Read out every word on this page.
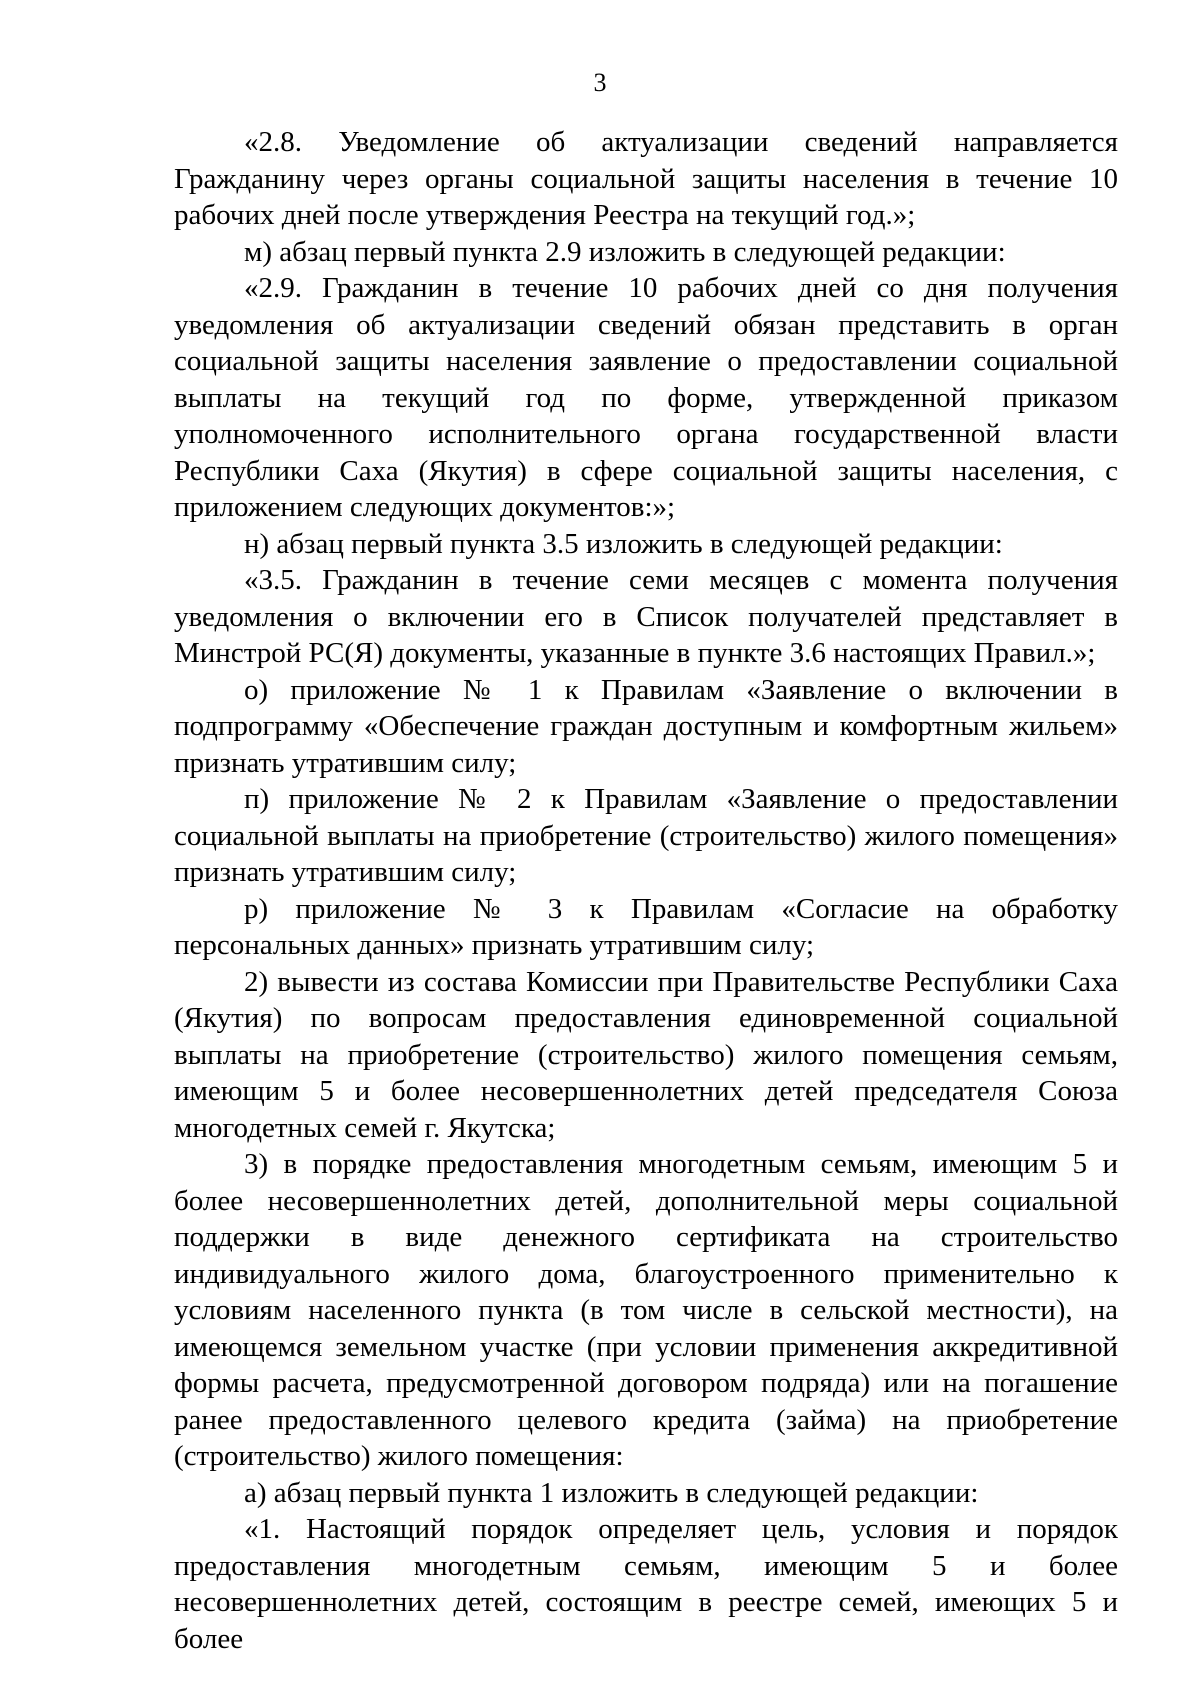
3

«2.8. Уведомление об актуализации сведений направляется Гражданину через органы социальной защиты населения в течение 10 рабочих дней после утверждения Реестра на текущий год.»;

м) абзац первый пункта 2.9 изложить в следующей редакции:

«2.9. Гражданин в течение 10 рабочих дней со дня получения уведомления об актуализации сведений обязан представить в орган социальной защиты населения заявление о предоставлении социальной выплаты на текущий год по форме, утвержденной приказом уполномоченного исполнительного органа государственной власти Республики Саха (Якутия) в сфере социальной защиты населения, с приложением следующих документов:»;

н) абзац первый пункта 3.5 изложить в следующей редакции:

«3.5. Гражданин в течение семи месяцев с момента получения уведомления о включении его в Список получателей представляет в Минстрой РС(Я) документы, указанные в пункте 3.6 настоящих Правил.»;

о) приложение № 1 к Правилам «Заявление о включении в подпрограмму «Обеспечение граждан доступным и комфортным жильем» признать утратившим силу;

п) приложение № 2 к Правилам «Заявление о предоставлении социальной выплаты на приобретение (строительство) жилого помещения» признать утратившим силу;

р) приложение № 3 к Правилам «Согласие на обработку персональных данных» признать утратившим силу;

2) вывести из состава Комиссии при Правительстве Республики Саха (Якутия) по вопросам предоставления единовременной социальной выплаты на приобретение (строительство) жилого помещения семьям, имеющим 5 и более несовершеннолетних детей председателя Союза многодетных семей г. Якутска;

3) в порядке предоставления многодетным семьям, имеющим 5 и более несовершеннолетних детей, дополнительной меры социальной поддержки в виде денежного сертификата на строительство индивидуального жилого дома, благоустроенного применительно к условиям населенного пункта (в том числе в сельской местности), на имеющемся земельном участке (при условии применения аккредитивной формы расчета, предусмотренной договором подряда) или на погашение ранее предоставленного целевого кредита (займа) на приобретение (строительство) жилого помещения:

а) абзац первый пункта 1 изложить в следующей редакции:

«1. Настоящий порядок определяет цель, условия и порядок предоставления многодетным семьям, имеющим 5 и более несовершеннолетних детей, состоящим в реестре семей, имеющих 5 и более
